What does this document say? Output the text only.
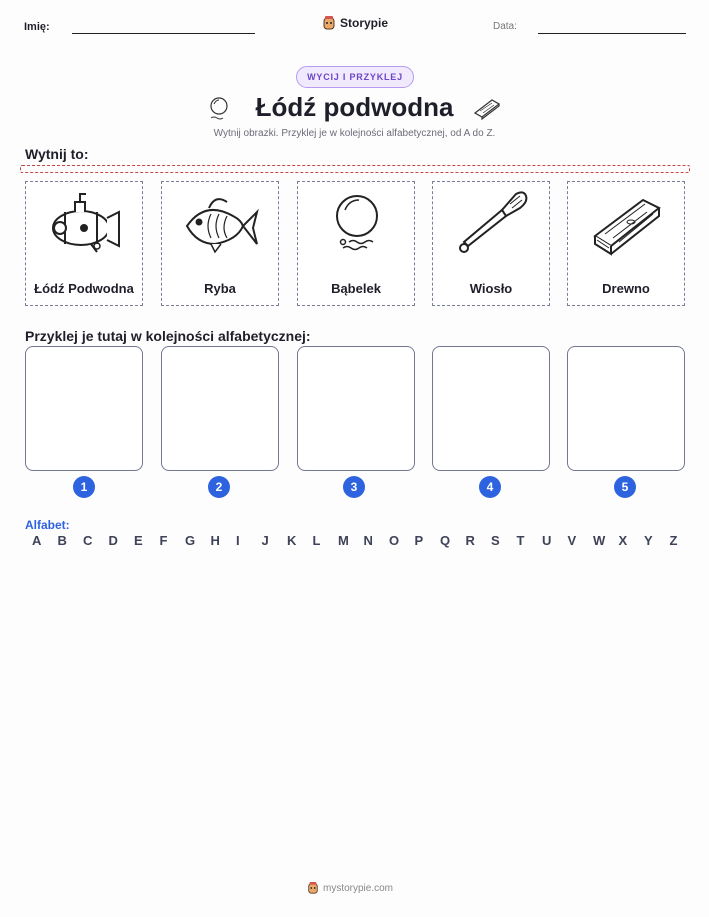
Imię:	Storypie	Data:
WYCIJ I PRZYKLEJ
Łódź podwodna
Wytnij obrazki. Przyklej je w kolejności alfabetycznej, od A do Z.
Wytnij to:
Łódź Podwodna	Ryba	Bąbelek	Wiosło	Drewno
Przyklej je tutaj w kolejności alfabetycznej:
1	2	3	4	5
Alfabet:
A B C D E F G H I J K L M N O P Q R S T U V W X Y Z
mystorypie.com
